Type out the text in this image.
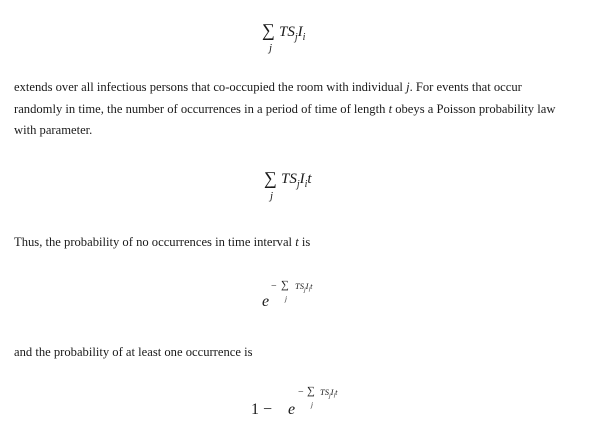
∑
j
$TS_jI_i$
extends over all infectious persons that co-occupied the room with individual j. For events that occur
randomly in time, the number of occurrences in a period of time of length t obeys a Poisson probability law
with parameter.
∑
j
$TS_jI_it$
Thus, the probability of no occurrences in time interval t is
− ∑
j
$TS_jI_it$
e
and the probability of at least one occurrence is
1 − e
− ∑
j
$TS_jI_it$
